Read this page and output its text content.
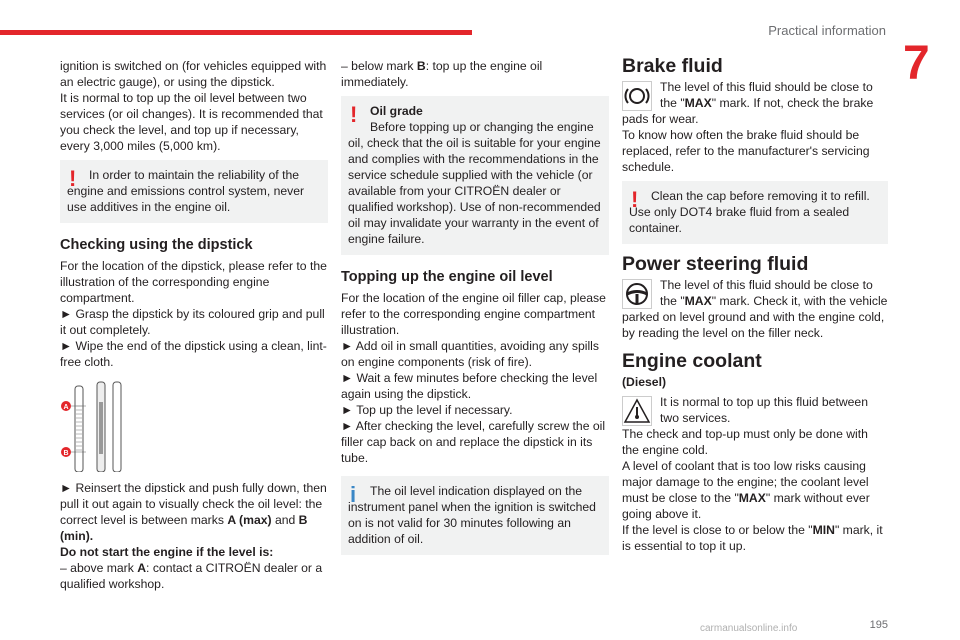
Practical information
7

ignition is switched on (for vehicles equipped with an electric gauge), or using the dipstick.

It is normal to top up the oil level between two services (or oil changes). It is recommended that you check the level, and top up if necessary, every 3,000 miles (5,000 km).

! In order to maintain the reliability of the engine and emissions control system, never use additives in the engine oil.
Checking using the dipstick

For the location of the dipstick, please refer to the illustration of the corresponding engine compartment.

► Grasp the dipstick by its coloured grip and pull it out completely.

► Wipe the end of the dipstick using a clean, lint-free cloth.

A
B

► Reinsert the dipstick and push fully down, then pull it out again to visually check the oil level: the correct level is between marks A (max) and B (min).

Do not start the engine if the level is:

– above mark A: contact a CITROËN dealer or a qualified workshop.

– below mark B: top up the engine oil immediately.

! Oil grade
Before topping up or changing the engine oil, check that the oil is suitable for your engine and complies with the recommendations in the service schedule supplied with the vehicle (or available from your CITROËN dealer or qualified workshop). Use of non-recommended oil may invalidate your warranty in the event of engine failure.
Topping up the engine oil level

For the location of the engine oil filler cap, please refer to the corresponding engine compartment illustration.

► Add oil in small quantities, avoiding any spills on engine components (risk of fire).

► Wait a few minutes before checking the level again using the dipstick.

► Top up the level if necessary.

► After checking the level, carefully screw the oil filler cap back on and replace the dipstick in its tube.

i The oil level indication displayed on the instrument panel when the ignition is switched on is not valid for 30 minutes following an addition of oil.
Brake fluid
The level of this fluid should be close to the "MAX" mark. If not, check the brake pads for wear.

To know how often the brake fluid should be replaced, refer to the manufacturer's servicing schedule.

! Clean the cap before removing it to refill. Use only DOT4 brake fluid from a sealed container.
Power steering fluid
The level of this fluid should be close to the "MAX" mark. Check it, with the vehicle parked on level ground and with the engine cold, by reading the level on the filler neck.
Engine coolant

(Diesel)

It is normal to top up this fluid between two services.

The check and top-up must only be done with the engine cold.

A level of coolant that is too low risks causing major damage to the engine; the coolant level must be close to the "MAX" mark without ever going above it.

If the level is close to or below the "MIN" mark, it is essential to top it up.

carmanualsonline.info	195
